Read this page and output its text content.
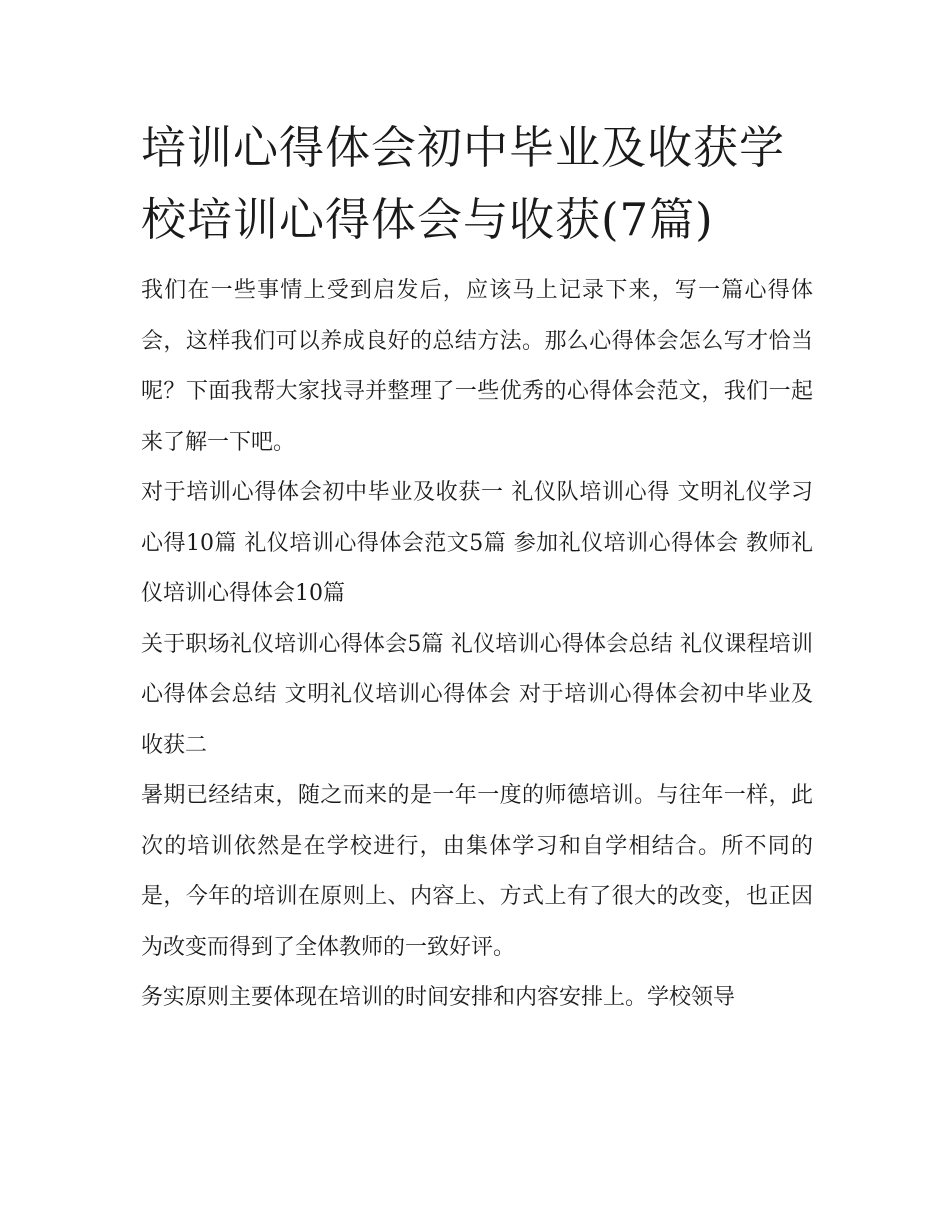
培训心得体会初中毕业及收获学校培训心得体会与收获(7篇)

我们在一些事情上受到启发后，应该马上记录下来，写一篇心得体会，这样我们可以养成良好的总结方法。那么心得体会怎么写才恰当呢？下面我帮大家找寻并整理了一些优秀的心得体会范文，我们一起来了解一下吧。

对于培训心得体会初中毕业及收获一 礼仪队培训心得 文明礼仪学习心得10篇 礼仪培训心得体会范文5篇 参加礼仪培训心得体会 教师礼仪培训心得体会10篇

关于职场礼仪培训心得体会5篇 礼仪培训心得体会总结 礼仪课程培训心得体会总结 文明礼仪培训心得体会 对于培训心得体会初中毕业及收获二

暑期已经结束，随之而来的是一年一度的师德培训。与往年一样，此次的培训依然是在学校进行，由集体学习和自学相结合。所不同的是，今年的培训在原则上、内容上、方式上有了很大的改变，也正因为改变而得到了全体教师的一致好评。

务实原则主要体现在培训的时间安排和内容安排上。学校领导
